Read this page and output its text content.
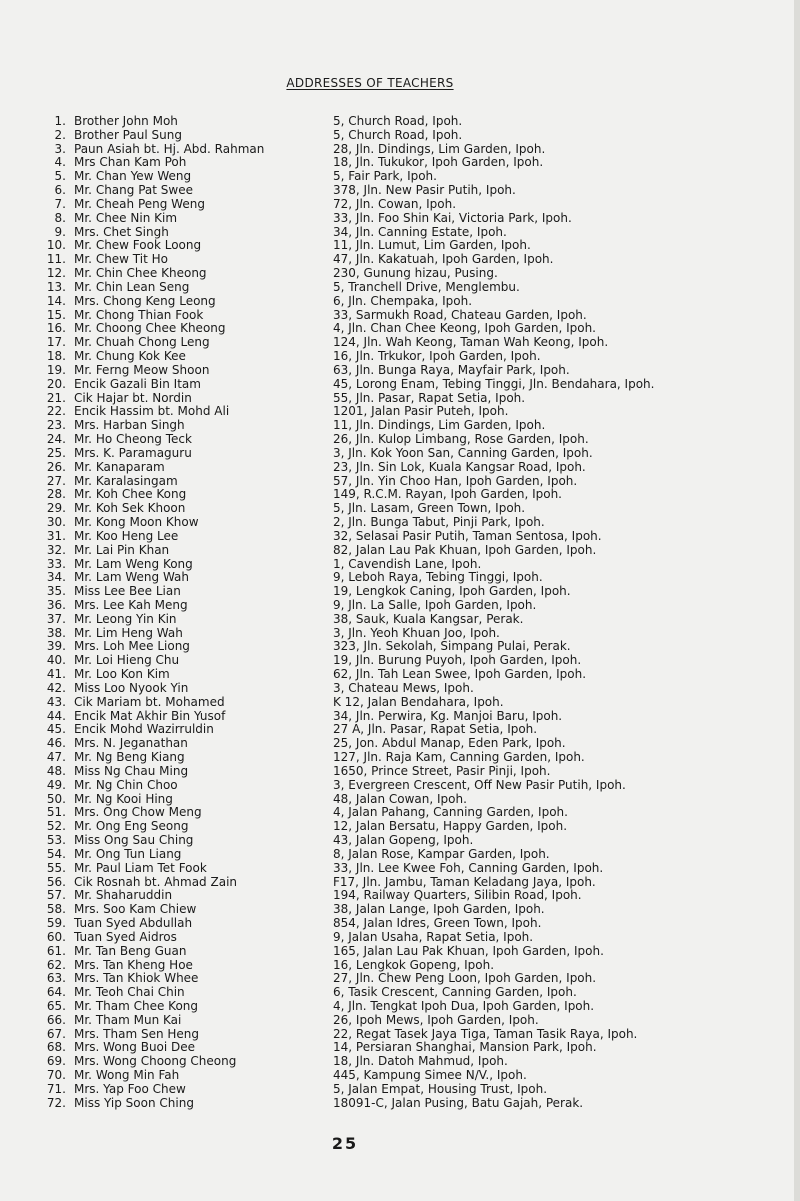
ADDRESSES OF TEACHERS
1. Brother John Moh	5, Church Road, Ipoh.
2. Brother Paul Sung	5, Church Road, Ipoh.
3. Paun Asiah bt. Hj. Abd. Rahman	28, Jln. Dindings, Lim Garden, Ipoh.
4. Mrs Chan Kam Poh	18, Jln. Tukukor, Ipoh Garden, Ipoh.
5. Mr. Chan Yew Weng	5, Fair Park, Ipoh.
6. Mr. Chang Pat Swee	378, Jln. New Pasir Putih, Ipoh.
7. Mr. Cheah Peng Weng	72, Jln. Cowan, Ipoh.
8. Mr. Chee Nin Kim	33, Jln. Foo Shin Kai, Victoria Park, Ipoh.
9. Mrs. Chet Singh	34, Jln. Canning Estate, Ipoh.
10. Mr. Chew Fook Loong	11, Jln. Lumut, Lim Garden, Ipoh.
11. Mr. Chew Tit Ho	47, Jln. Kakatuah, Ipoh Garden, Ipoh.
12. Mr. Chin Chee Kheong	230, Gunung hizau, Pusing.
13. Mr. Chin Lean Seng	5, Tranchell Drive, Menglembu.
14. Mrs. Chong Keng Leong	6, Jln. Chempaka, Ipoh.
15. Mr. Chong Thian Fook	33, Sarmukh Road, Chateau Garden, Ipoh.
16. Mr. Choong Chee Kheong	4, Jln. Chan Chee Keong, Ipoh Garden, Ipoh.
17. Mr. Chuah Chong Leng	124, Jln. Wah Keong, Taman Wah Keong, Ipoh.
18. Mr. Chung Kok Kee	16, Jln. Trkukor, Ipoh Garden, Ipoh.
19. Mr. Ferng Meow Shoon	63, Jln. Bunga Raya, Mayfair Park, Ipoh.
20. Encik Gazali Bin Itam	45, Lorong Enam, Tebing Tinggi, Jln. Bendahara, Ipoh.
21. Cik Hajar bt. Nordin	55, Jln. Pasar, Rapat Setia, Ipoh.
22. Encik Hassim bt. Mohd Ali	1201, Jalan Pasir Puteh, Ipoh.
23. Mrs. Harban Singh	11, Jln. Dindings, Lim Garden, Ipoh.
24. Mr. Ho Cheong Teck	26, Jln. Kulop Limbang, Rose Garden, Ipoh.
25. Mrs. K. Paramaguru	3, Jln. Kok Yoon San, Canning Garden, Ipoh.
26. Mr. Kanaparam	23, Jln. Sin Lok, Kuala Kangsar Road, Ipoh.
27. Mr. Karalasingam	57, Jln. Yin Choo Han, Ipoh Garden, Ipoh.
28. Mr. Koh Chee Kong	149, R.C.M. Rayan, Ipoh Garden, Ipoh.
29. Mr. Koh Sek Khoon	5, Jln. Lasam, Green Town, Ipoh.
30. Mr. Kong Moon Khow	2, Jln. Bunga Tabut, Pinji Park, Ipoh.
31. Mr. Koo Heng Lee	32, Selasai Pasir Putih, Taman Sentosa, Ipoh.
32. Mr. Lai Pin Khan	82, Jalan Lau Pak Khuan, Ipoh Garden, Ipoh.
33. Mr. Lam Weng Kong	1, Cavendish Lane, Ipoh.
34. Mr. Lam Weng Wah	9, Leboh Raya, Tebing Tinggi, Ipoh.
35. Miss Lee Bee Lian	19, Lengkok Caning, Ipoh Garden, Ipoh.
36. Mrs. Lee Kah Meng	9, Jln. La Salle, Ipoh Garden, Ipoh.
37. Mr. Leong Yin Kin	38, Sauk, Kuala Kangsar, Perak.
38. Mr. Lim Heng Wah	3, Jln. Yeoh Khuan Joo, Ipoh.
39. Mrs. Loh Mee Liong	323, Jln. Sekolah, Simpang Pulai, Perak.
40. Mr. Loi Hieng Chu	19, Jln. Burung Puyoh, Ipoh Garden, Ipoh.
41. Mr. Loo Kon Kim	62, Jln. Tah Lean Swee, Ipoh Garden, Ipoh.
42. Miss Loo Nyook Yin	3, Chateau Mews, Ipoh.
43. Cik Mariam bt. Mohamed	K 12, Jalan Bendahara, Ipoh.
44. Encik Mat Akhir Bin Yusof	34, Jln. Perwira, Kg. Manjoi Baru, Ipoh.
45. Encik Mohd Wazirruldin	27 A, Jln. Pasar, Rapat Setia, Ipoh.
46. Mrs. N. Jeganathan	25, Jon. Abdul Manap, Eden Park, Ipoh.
47. Mr. Ng Beng Kiang	127, Jln. Raja Kam, Canning Garden, Ipoh.
48. Miss Ng Chau Ming	1650, Prince Street, Pasir Pinji, Ipoh.
49. Mr. Ng Chin Choo	3, Evergreen Crescent, Off New Pasir Putih, Ipoh.
50. Mr. Ng Kooi Hing	48, Jalan Cowan, Ipoh.
51. Mrs. Ong Chow Meng	4, Jalan Pahang, Canning Garden, Ipoh.
52. Mr. Ong Eng Seong	12, Jalan Bersatu, Happy Garden, Ipoh.
53. Miss Ong Sau Ching	43, Jalan Gopeng, Ipoh.
54. Mr. Ong Tun Liang	8, Jalan Rose, Kampar Garden, Ipoh.
55. Mr. Paul Liam Tet Fook	33, Jln. Lee Kwee Foh, Canning Garden, Ipoh.
56. Cik Rosnah bt. Ahmad Zain	F17, Jln. Jambu, Taman Keladang Jaya, Ipoh.
57. Mr. Shaharuddin	194, Railway Quarters, Silibin Road, Ipoh.
58. Mrs. Soo Kam Chiew	38, Jalan Lange, Ipoh Garden, Ipoh.
59. Tuan Syed Abdullah	854, Jalan Idres, Green Town, Ipoh.
60. Tuan Syed Aidros	9, Jalan Usaha, Rapat Setia, Ipoh.
61. Mr. Tan Beng Guan	165, Jalan Lau Pak Khuan, Ipoh Garden, Ipoh.
62. Mrs. Tan Kheng Hoe	16, Lengkok Gopeng, Ipoh.
63. Mrs. Tan Khiok Whee	27, Jln. Chew Peng Loon, Ipoh Garden, Ipoh.
64. Mr. Teoh Chai Chin	6, Tasik Crescent, Canning Garden, Ipoh.
65. Mr. Tham Chee Kong	4, Jln. Tengkat Ipoh Dua, Ipoh Garden, Ipoh.
66. Mr. Tham Mun Kai	26, Ipoh Mews, Ipoh Garden, Ipoh.
67. Mrs. Tham Sen Heng	22, Regat Tasek Jaya Tiga, Taman Tasik Raya, Ipoh.
68. Mrs. Wong Buoi Dee	14, Persiaran Shanghai, Mansion Park, Ipoh.
69. Mrs. Wong Choong Cheong	18, Jln. Datoh Mahmud, Ipoh.
70. Mr. Wong Min Fah	445, Kampung Simee N/V., Ipoh.
71. Mrs. Yap Foo Chew	5, Jalan Empat, Housing Trust, Ipoh.
72. Miss Yip Soon Ching	18091-C, Jalan Pusing, Batu Gajah, Perak.
25
